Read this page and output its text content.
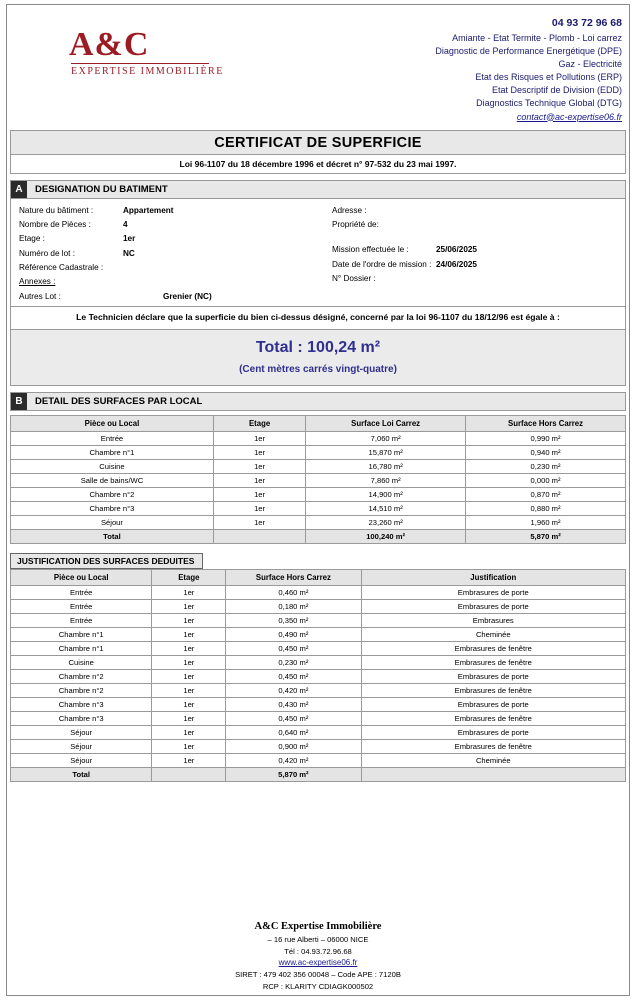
A&C
EXPERTISE IMMOBILIÈRE
04 93 72 96 68
Amiante - Etat Termite - Plomb - Loi carrez
Diagnostic de Performance Energétique (DPE)
Gaz - Electricité
Etat des Risques et Pollutions (ERP)
Etat Descriptif de Division (EDD)
Diagnostics Technique Global (DTG)
contact@ac-expertise06.fr
CERTIFICAT DE SUPERFICIE
Loi 96-1107 du 18 décembre 1996 et décret n° 97-532 du 23 mai 1997.
A	DESIGNATION DU BATIMENT
Nature du bâtiment :	Appartement
Nombre de Pièces :	4
Etage :	1er
Numéro de lot :	NC
Référence Cadastrale :
Annexes :
Autres Lot :	Grenier (NC)
Adresse :
Propriété de:
Mission effectuée le :	25/06/2025
Date de l'ordre de mission : 24/06/2025
N° Dossier :
Le Technicien déclare que la superficie du bien ci-dessus désigné, concerné par la loi 96-1107 du 18/12/96 est égale à :
Total : 100,24 m²
(Cent mètres carrés vingt-quatre)
B	DETAIL DES SURFACES PAR LOCAL
Pièce ou Local	Etage	Surface Loi Carrez	Surface Hors Carrez
Entrée	1er	7,060 m²	0,990 m²
Chambre n°1	1er	15,870 m²	0,940 m²
Cuisine	1er	16,780 m²	0,230 m²
Salle de bains/WC	1er	7,860 m²	0,000 m²
Chambre n°2	1er	14,900 m²	0,870 m²
Chambre n°3	1er	14,510 m²	0,880 m²
Séjour	1er	23,260 m²	1,960 m²
Total		100,240 m²	5,870 m²
JUSTIFICATION DES SURFACES DEDUITES
Pièce ou Local	Etage	Surface Hors Carrez	Justification
Entrée	1er	0,460 m²	Embrasures de porte
Entrée	1er	0,180 m²	Embrasures de porte
Entrée	1er	0,350 m²	Embrasures
Chambre n°1	1er	0,490 m²	Cheminée
Chambre n°1	1er	0,450 m²	Embrasures de fenêtre
Cuisine	1er	0,230 m²	Embrasures de fenêtre
Chambre n°2	1er	0,450 m²	Embrasures de porte
Chambre n°2	1er	0,420 m²	Embrasures de fenêtre
Chambre n°3	1er	0,430 m²	Embrasures de porte
Chambre n°3	1er	0,450 m²	Embrasures de fenêtre
Séjour	1er	0,640 m²	Embrasures de porte
Séjour	1er	0,900 m²	Embrasures de fenêtre
Séjour	1er	0,420 m²	Cheminée
Total		5,870 m²	
A&C Expertise Immobilière
– 16 rue Alberti – 06000 NICE
Tél : 04.93.72.96.68
www.ac-expertise06.fr
SIRET : 479 402 356 00048 – Code APE : 7120B
RCP : KLARITY CDIAGK000502
